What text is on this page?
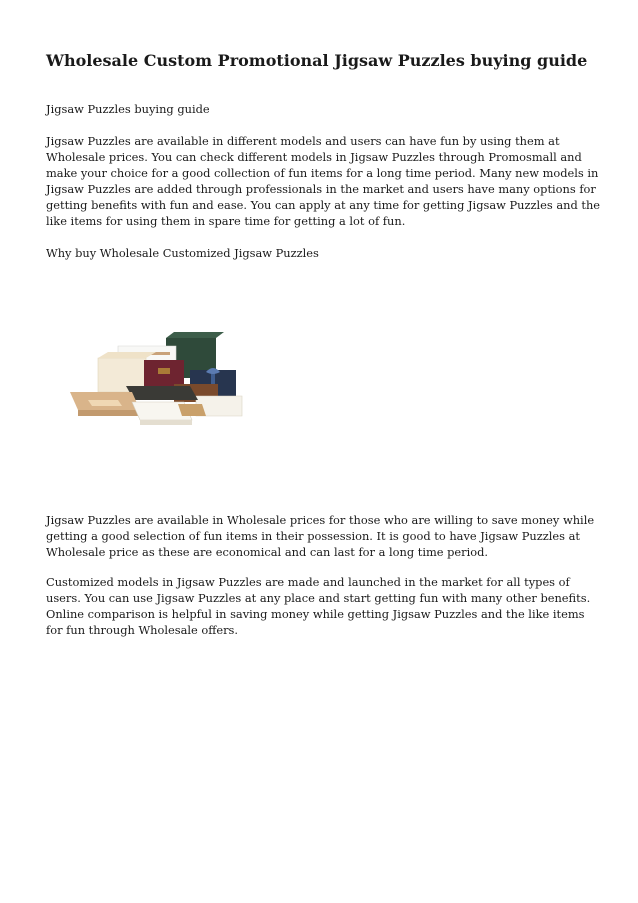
Wholesale Custom Promotional Jigsaw Puzzles buying guide

Jigsaw Puzzles buying guide

Jigsaw Puzzles are available in different models and users can have fun by using them at Wholesale prices. You can check different models in Jigsaw Puzzles through Promosmall and make your choice for a good collection of fun items for a long time period. Many new models in Jigsaw Puzzles are added through professionals in the market and users have many options for getting benefits with fun and ease. You can apply at any time for getting Jigsaw Puzzles and the like items for using them in spare time for getting a lot of fun.

Why buy Wholesale Customized Jigsaw Puzzles

Jigsaw Puzzles are available in Wholesale prices for those who are willing to save money while getting a good selection of fun items in their possession. It is good to have Jigsaw Puzzles at Wholesale price as these are economical and can last for a long time period.

Customized models in Jigsaw Puzzles are made and launched in the market for all types of users. You can use Jigsaw Puzzles at any place and start getting fun with many other benefits. Online comparison is helpful in saving money while getting Jigsaw Puzzles and the like items for fun through Wholesale offers.
